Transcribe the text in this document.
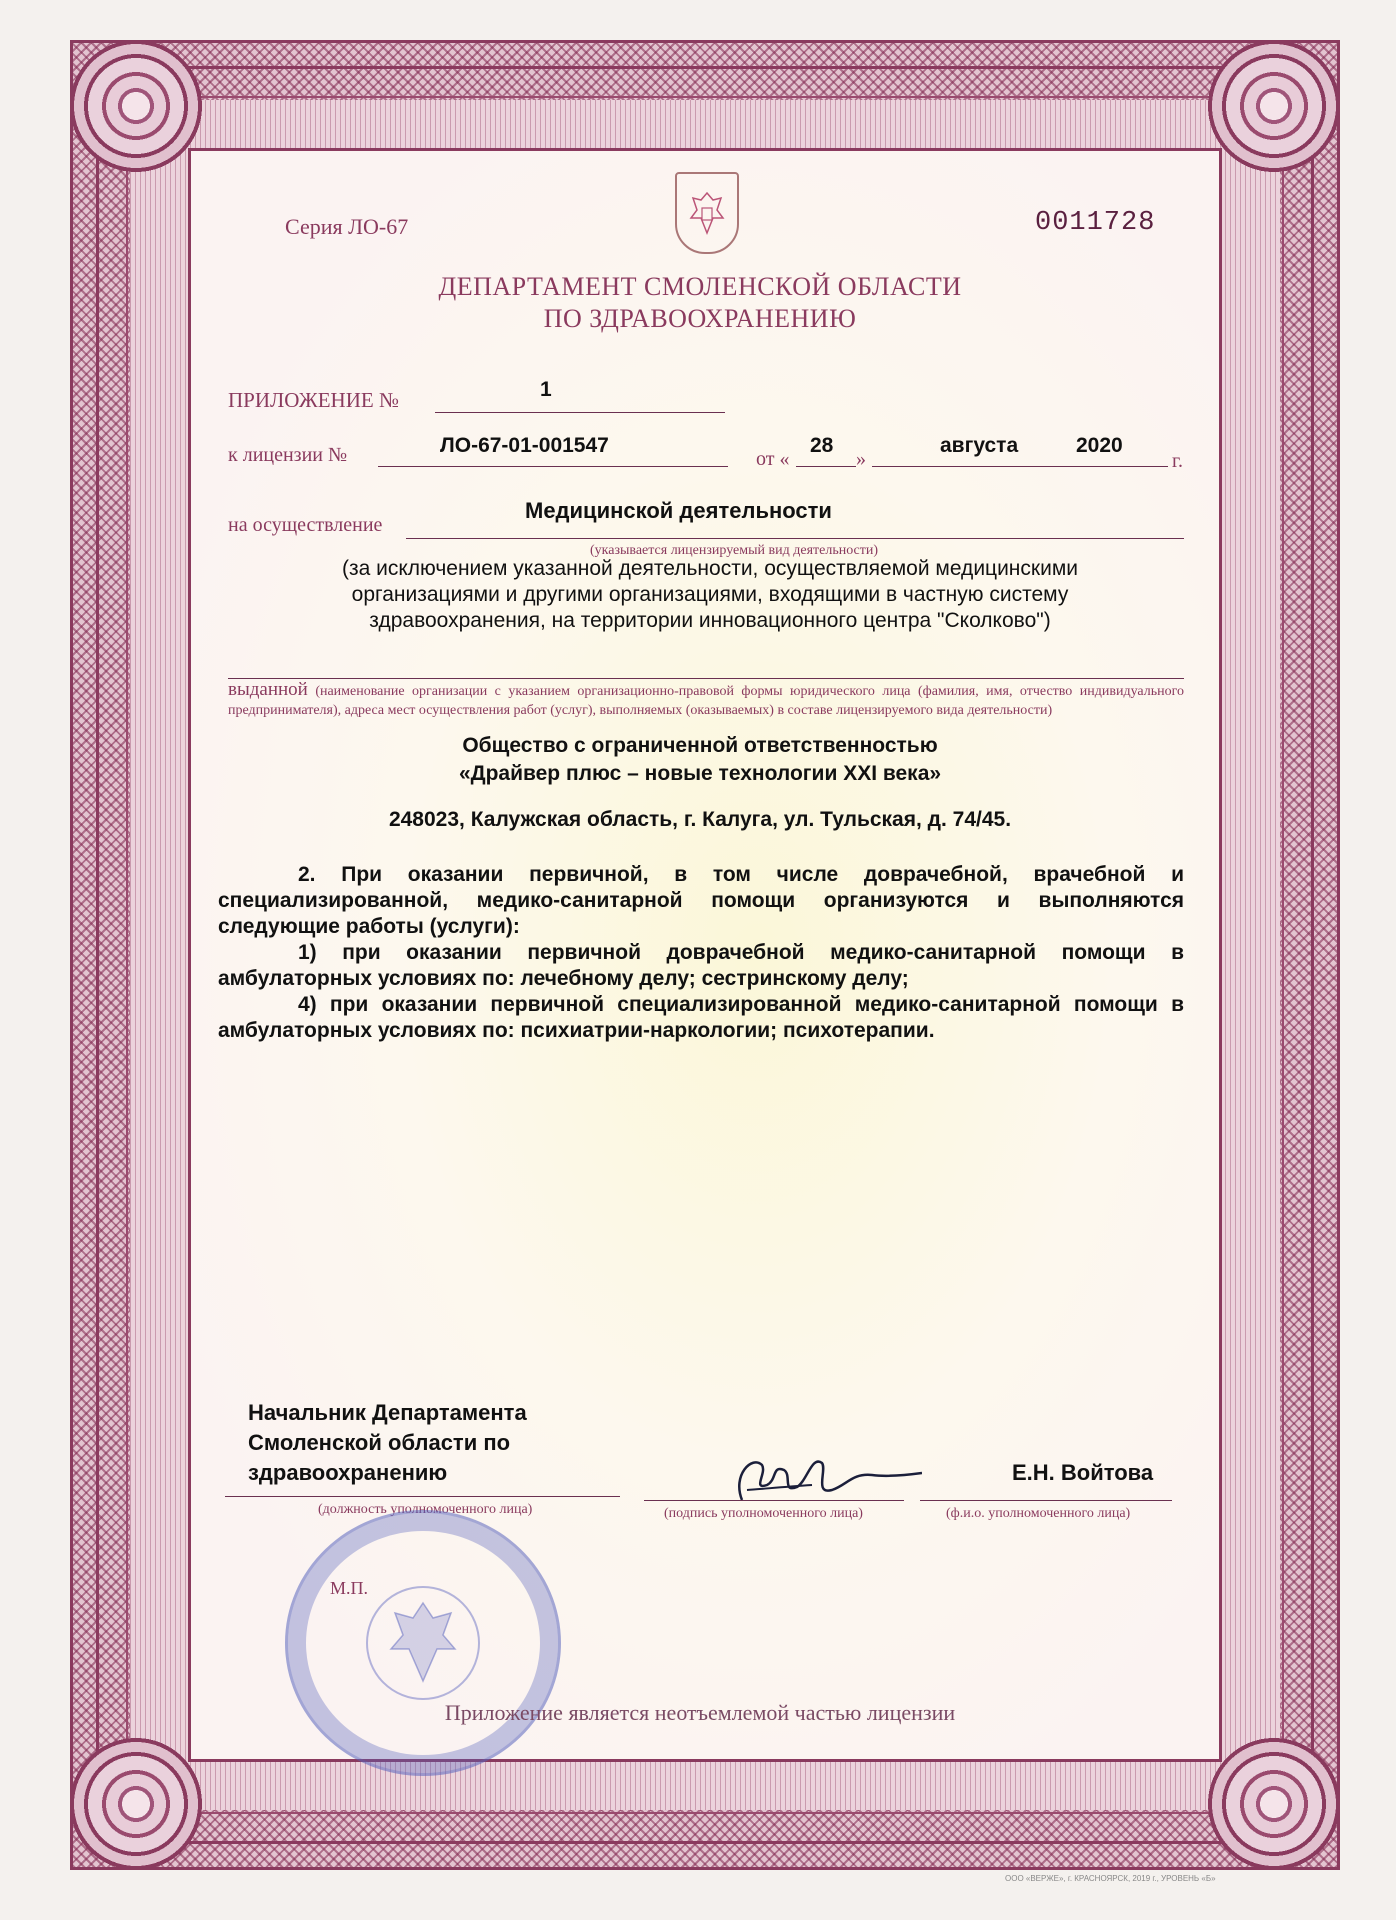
Серия ЛО-67	0011728
ДЕПАРТАМЕНТ СМОЛЕНСКОЙ ОБЛАСТИ
ПО ЗДРАВООХРАНЕНИЮ
ПРИЛОЖЕНИЕ №	1
к лицензии №	ЛО-67-01-001547
от «
28
»
августа	2020
г.
на осуществление
Медицинской деятельности
(указывается лицензируемый вид деятельности)
(за исключением указанной деятельности, осуществляемой медицинскими организациями и другими организациями, входящими в частную систему здравоохранения, на территории инновационного центра "Сколково")
выданной (наименование организации с указанием организационно-правовой формы юридического лица (фамилия, имя, отчество индивидуального предпринимателя), адреса мест осуществления работ (услуг), выполняемых (оказываемых) в составе лицензируемого вида деятельности)
Общество с ограниченной ответственностью
«Драйвер плюс – новые технологии XXI века»
248023, Калужская область, г. Калуга, ул. Тульская, д. 74/45.
2. При оказании первичной, в том числе доврачебной, врачебной и специализированной, медико-санитарной помощи организуются и выполняются следующие работы (услуги):
1) при оказании первичной доврачебной медико-санитарной помощи в амбулаторных условиях по: лечебному делу; сестринскому делу;
4) при оказании первичной специализированной медико-санитарной помощи в амбулаторных условиях по: психиатрии-наркологии; психотерапии.
Начальник Департамента
Смоленской области по
здравоохранению
(должность уполномоченного лица)	(подпись уполномоченного лица)
Е.Н. Войтова
(ф.и.о. уполномоченного лица)
М.П.
Приложение является неотъемлемой частью лицензии
ООО «ВЕРЖЕ», г. КРАСНОЯРСК, 2019 г., УРОВЕНЬ «Б»
